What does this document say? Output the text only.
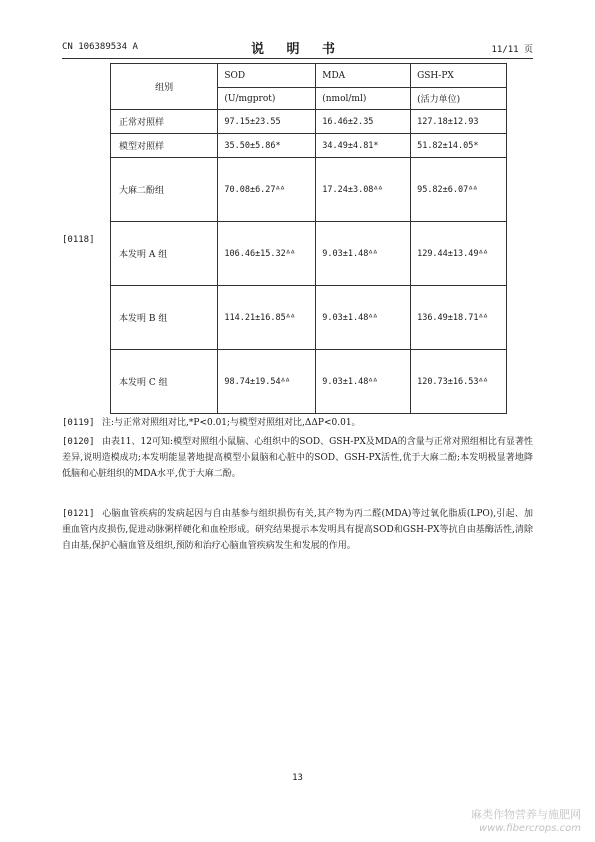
CN 106389534 A	说 明 书	11/11 页
[0118]
组别	SOD	MDA	GSH-PX
	(U/mgprot)	(nmol/ml)	(活力单位)
正常对照样	97.15±23.55	16.46±2.35	127.18±12.93
模型对照样	35.50±5.86*	34.49±4.81*	51.82±14.05*
大麻二酚组	70.08±6.27ᐞᐞ	17.24±3.08ᐞᐞ	95.82±6.07ᐞᐞ
本发明 A 组	106.46±15.32ᐞᐞ	9.03±1.48ᐞᐞ	129.44±13.49ᐞᐞ
本发明 B 组	114.21±16.85ᐞᐞ	9.03±1.48ᐞᐞ	136.49±18.71ᐞᐞ
本发明 C 组	98.74±19.54ᐞᐞ	9.03±1.48ᐞᐞ	120.73±16.53ᐞᐞ
[0119] 注:与正常对照组对比,*P<0.01;与模型对照组对比,ΔΔP<0.01。
[0120] 由表11、12可知:模型对照组小鼠脑、心组织中的SOD、GSH-PX及MDA的含量与正常对照组相比有显著性差异,说明造模成功;本发明能显著地提高模型小鼠脑和心脏中的SOD、GSH-PX活性,优于大麻二酚;本发明极显著地降低脑和心脏组织的MDA水平,优于大麻二酚。
[0121] 心脑血管疾病的发病起因与自由基参与组织损伤有关,其产物为丙二醛(MDA)等过氧化脂质(LPO),引起、加重血管内皮损伤,促进动脉粥样硬化和血栓形成。研究结果提示本发明具有提高SOD和GSH-PX等抗自由基酶活性,清除自由基,保护心脑血管及组织,预防和治疗心脑血管疾病发生和发展的作用。
13
麻类作物营养与施肥网
www.fibercrops.com
